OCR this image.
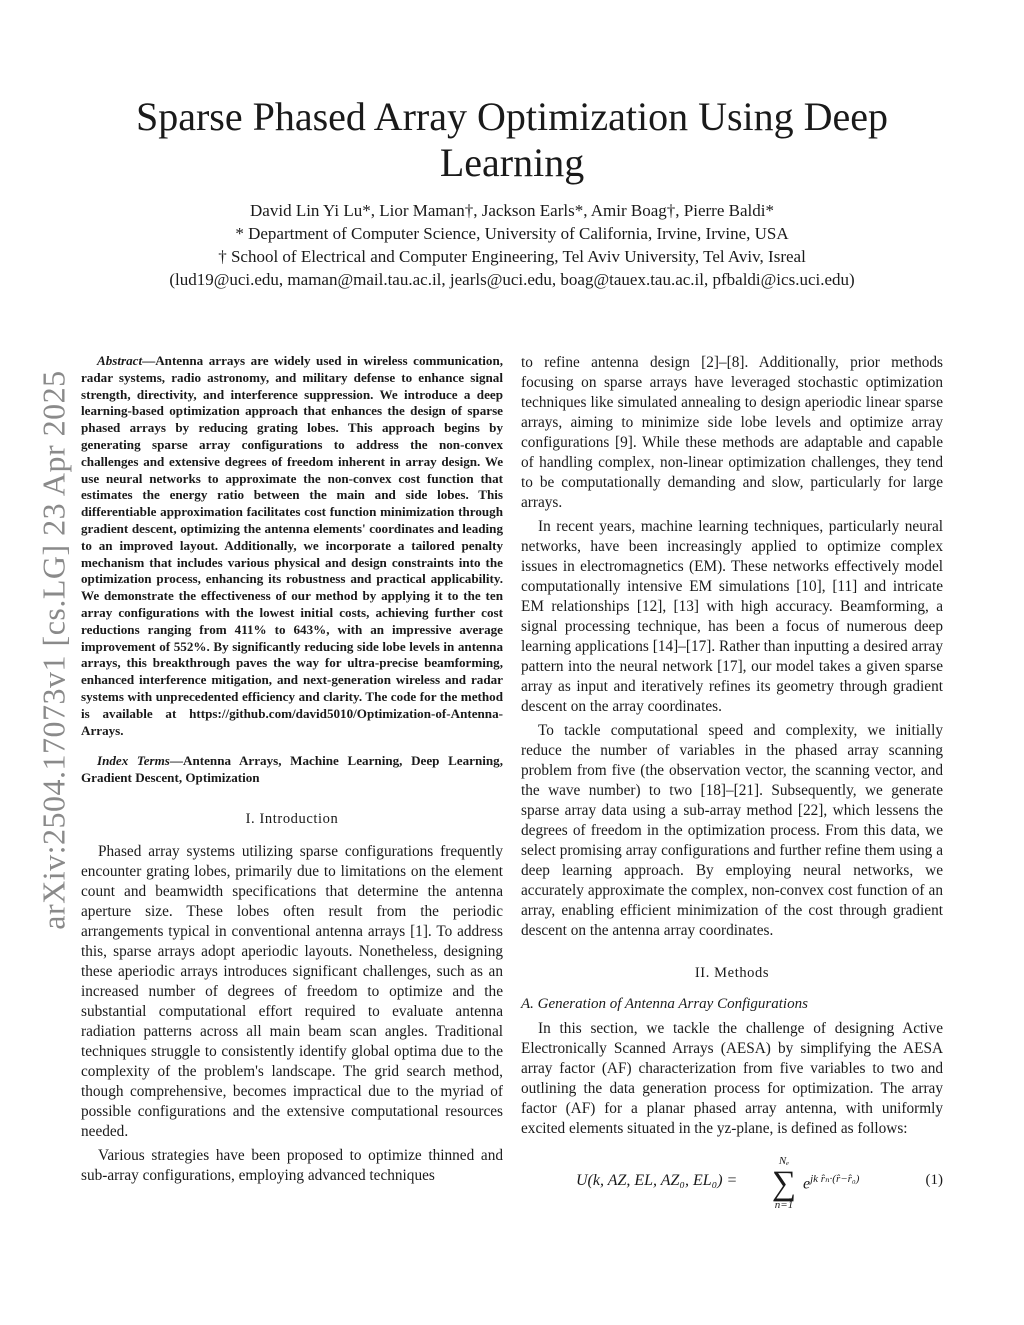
Sparse Phased Array Optimization Using Deep Learning
David Lin Yi Lu*, Lior Maman†, Jackson Earls*, Amir Boag†, Pierre Baldi*
* Department of Computer Science, University of California, Irvine, Irvine, USA
† School of Electrical and Computer Engineering, Tel Aviv University, Tel Aviv, Isreal
(lud19@uci.edu, maman@mail.tau.ac.il, jearls@uci.edu, boag@tauex.tau.ac.il, pfbaldi@ics.uci.edu)
arXiv:2504.17073v1 [cs.LG] 23 Apr 2025

Abstract—Antenna arrays are widely used in wireless communication, radar systems, radio astronomy, and military defense to enhance signal strength, directivity, and interference suppression. We introduce a deep learning-based optimization approach that enhances the design of sparse phased arrays by reducing grating lobes. This approach begins by generating sparse array configurations to address the non-convex challenges and extensive degrees of freedom inherent in array design. We use neural networks to approximate the non-convex cost function that estimates the energy ratio between the main and side lobes. This differentiable approximation facilitates cost function minimization through gradient descent, optimizing the antenna elements' coordinates and leading to an improved layout. Additionally, we incorporate a tailored penalty mechanism that includes various physical and design constraints into the optimization process, enhancing its robustness and practical applicability. We demonstrate the effectiveness of our method by applying it to the ten array configurations with the lowest initial costs, achieving further cost reductions ranging from 411% to 643%, with an impressive average improvement of 552%. By significantly reducing side lobe levels in antenna arrays, this breakthrough paves the way for ultra-precise beamforming, enhanced interference mitigation, and next-generation wireless and radar systems with unprecedented efficiency and clarity. The code for the method is available at https://github.com/david5010/Optimization-of-Antenna-Arrays.

Index Terms—Antenna Arrays, Machine Learning, Deep Learning, Gradient Descent, Optimization

I. Introduction

Phased array systems utilizing sparse configurations frequently encounter grating lobes, primarily due to limitations on the element count and beamwidth specifications that determine the antenna aperture size. These lobes often result from the periodic arrangements typical in conventional antenna arrays [1]. To address this, sparse arrays adopt aperiodic layouts. Nonetheless, designing these aperiodic arrays introduces significant challenges, such as an increased number of degrees of freedom to optimize and the substantial computational effort required to evaluate antenna radiation patterns across all main beam scan angles. Traditional techniques struggle to consistently identify global optima due to the complexity of the problem's landscape. The grid search method, though comprehensive, becomes impractical due to the myriad of possible configurations and the extensive computational resources needed.

Various strategies have been proposed to optimize thinned and sub-array configurations, employing advanced techniques

to refine antenna design [2]–[8]. Additionally, prior methods focusing on sparse arrays have leveraged stochastic optimization techniques like simulated annealing to design aperiodic linear sparse arrays, aiming to minimize side lobe levels and optimize array configurations [9]. While these methods are adaptable and capable of handling complex, non-linear optimization challenges, they tend to be computationally demanding and slow, particularly for large arrays.

In recent years, machine learning techniques, particularly neural networks, have been increasingly applied to optimize complex issues in electromagnetics (EM). These networks effectively model computationally intensive EM simulations [10], [11] and intricate EM relationships [12], [13] with high accuracy. Beamforming, a signal processing technique, has been a focus of numerous deep learning applications [14]–[17]. Rather than inputting a desired array pattern into the neural network [17], our model takes a given sparse array as input and iteratively refines its geometry through gradient descent on the array coordinates.

To tackle computational speed and complexity, we initially reduce the number of variables in the phased array scanning problem from five (the observation vector, the scanning vector, and the wave number) to two [18]–[21]. Subsequently, we generate sparse array data using a sub-array method [22], which lessens the degrees of freedom in the optimization process. From this data, we select promising array configurations and further refine them using a deep learning approach. By employing neural networks, we accurately approximate the complex, non-convex cost function of an array, enabling efficient minimization of the cost through gradient descent on the antenna array coordinates.

II. Methods
A. Generation of Antenna Array Configurations

In this section, we tackle the challenge of designing Active Electronically Scanned Arrays (AESA) by simplifying the AESA array factor (AF) characterization from five variables to two and outlining the data generation process for optimization. The array factor (AF) for a planar phased array antenna, with uniformly excited elements situated in the yz-plane, is defined as follows:

U(k, AZ, EL, AZ₀, EL₀) =
Nₑ
∑
n=1
$e^{jk r̂_n\cdot(r̂-r̂_0)}$	(1)
